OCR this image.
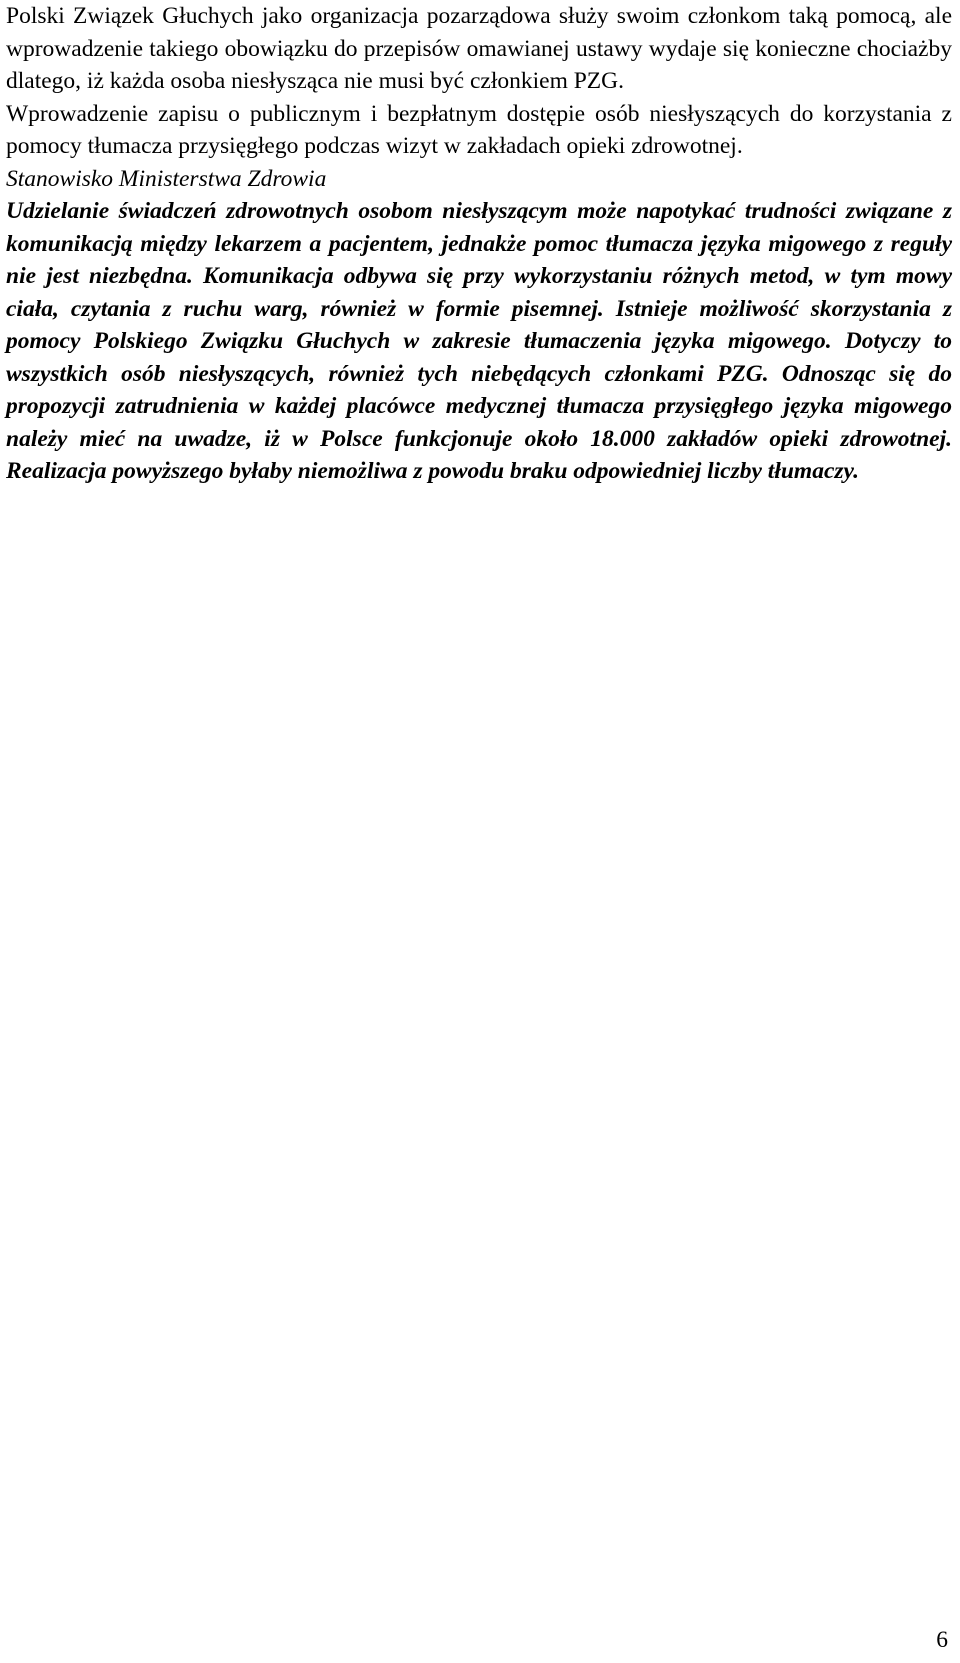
Polski Związek Głuchych jako organizacja pozarządowa służy swoim członkom taką pomocą, ale wprowadzenie takiego obowiązku do przepisów omawianej ustawy wydaje się konieczne chociażby dlatego, iż każda osoba niesłysząca nie musi być członkiem PZG.

Wprowadzenie zapisu o publicznym i bezpłatnym dostępie osób niesłyszących do korzystania z pomocy tłumacza przysięgłego podczas wizyt w zakładach opieki zdrowotnej.

Stanowisko Ministerstwa Zdrowia

Udzielanie świadczeń zdrowotnych osobom niesłyszącym może napotykać trudności związane z komunikacją między lekarzem a pacjentem, jednakże pomoc tłumacza języka migowego z reguły nie jest niezbędna. Komunikacja odbywa się przy wykorzystaniu różnych metod, w tym mowy ciała, czytania z ruchu warg, również w formie pisemnej. Istnieje możliwość skorzystania z pomocy Polskiego Związku Głuchych w zakresie tłumaczenia języka migowego. Dotyczy to wszystkich osób niesłyszących, również tych niebędących członkami PZG. Odnosząc się do propozycji zatrudnienia w każdej placówce medycznej tłumacza przysięgłego języka migowego należy mieć na uwadze, iż w Polsce funkcjonuje około 18.000 zakładów opieki zdrowotnej. Realizacja powyższego byłaby niemożliwa z powodu braku odpowiedniej liczby tłumaczy.

6
